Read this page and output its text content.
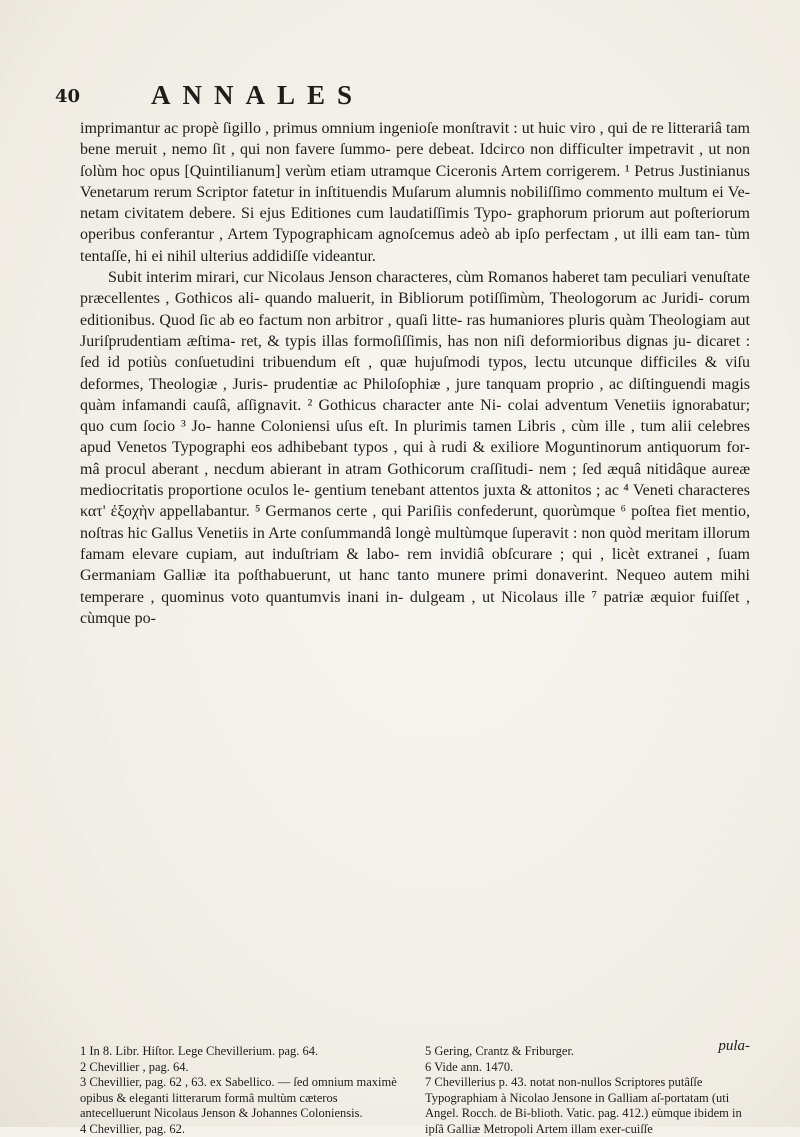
40	ANNALES

imprimantur ac propè ſigillo , primus omnium ingenioſe monſtravit : ut huic viro , qui de re litterariâ tam bene meruit , nemo ſit , qui non favere ſummo- pere debeat. Idcirco non difficulter impetravit , ut non ſolùm hoc opus [Quintilianum] verùm etiam utramque Ciceronis Artem corrigerem. ¹ Petrus Justinianus Venetarum rerum Scriptor fatetur in inſtituendis Muſarum alumnis nobiliſſimo commento multum ei Ve- netam civitatem debere. Si ejus Editiones cum laudatiſſimis Typo- graphorum priorum aut poſteriorum operibus conferantur , Artem Typographicam agnoſcemus adeò ab ipſo perfectam , ut illi eam tan- tùm tentaſſe, hi ei nihil ulterius addidiſſe videantur.

Subit interim mirari, cur Nicolaus Jenson characteres, cùm Romanos haberet tam peculiari venuſtate præcellentes , Gothicos ali- quando maluerit, in Bibliorum potiſſimùm, Theologorum ac Juridi- corum editionibus. Quod ſic ab eo factum non arbitror , quaſi litte- ras humaniores pluris quàm Theologiam aut Juriſprudentiam æſtima- ret, & typis illas formoſiſſimis, has non niſi deformioribus dignas ju- dicaret : ſed id potiùs conſuetudini tribuendum eſt , quæ hujuſmodi typos, lectu utcunque difficiles & viſu deformes, Theologiæ , Juris- prudentiæ ac Philoſophiæ , jure tanquam proprio , ac diſtinguendi magis quàm infamandi cauſâ, aſſignavit. ² Gothicus character ante Ni- colai adventum Venetiis ignorabatur; quo cum ſocio ³ Jo- hanne Coloniensi uſus eſt. In plurimis tamen Libris , cùm ille , tum alii celebres apud Venetos Typographi eos adhibebant typos , qui à rudi & exiliore Moguntinorum antiquorum for- mâ procul aberant , necdum abierant in atram Gothicorum craſſitudi- nem ; ſed æquâ nitidâque aureæ mediocritatis proportione oculos le- gentium tenebant attentos juxta & attonitos ; ac ⁴ Veneti characteres κατ' ἐξοχὴν appellabantur. ⁵ Germanos certe , qui Pariſiis confederunt, quorùmque ⁶ poſtea fiet mentio, noſtras hic Gallus Venetiis in Arte conſummandâ longè multùmque ſuperavit : non quòd meritam illorum famam elevare cupiam, aut induſtriam & labo- rem invidiâ obſcurare ; qui , licèt extranei , ſuam Germaniam Galliæ ita poſthabuerunt, ut hanc tanto munere primi donaverint. Nequeo autem mihi temperare , quominus voto quantumvis inani in- dulgeam , ut Nicolaus ille ⁷ patriæ æquior fuiſſet , cùmque po-

pula-
1 In 8. Libr. Hiſtor. Lege Chevillerium. pag. 64.
2 Chevillier , pag. 64.
3 Chevillier, pag. 62 , 63. ex Sabellico. — ſed omnium maximè opibus & eleganti litterarum formâ multùm cæteros antecelluerunt Nicolaus Jenson & Johannes Coloniensis.
4 Chevillier, pag. 62.
5 Gering, Crantz & Friburger.
6 Vide ann. 1470.
7 Chevillerius p. 43. notat non-nullos Scriptores putâſſe Typographiam à Nicolao Jensone in Galliam aſ-portatam (uti Angel. Rocch. de Bi-blioth. Vatic. pag. 412.) eùmque ibidem in ipſâ Galliæ Metropoli Artem illam exer-cuiſſe
